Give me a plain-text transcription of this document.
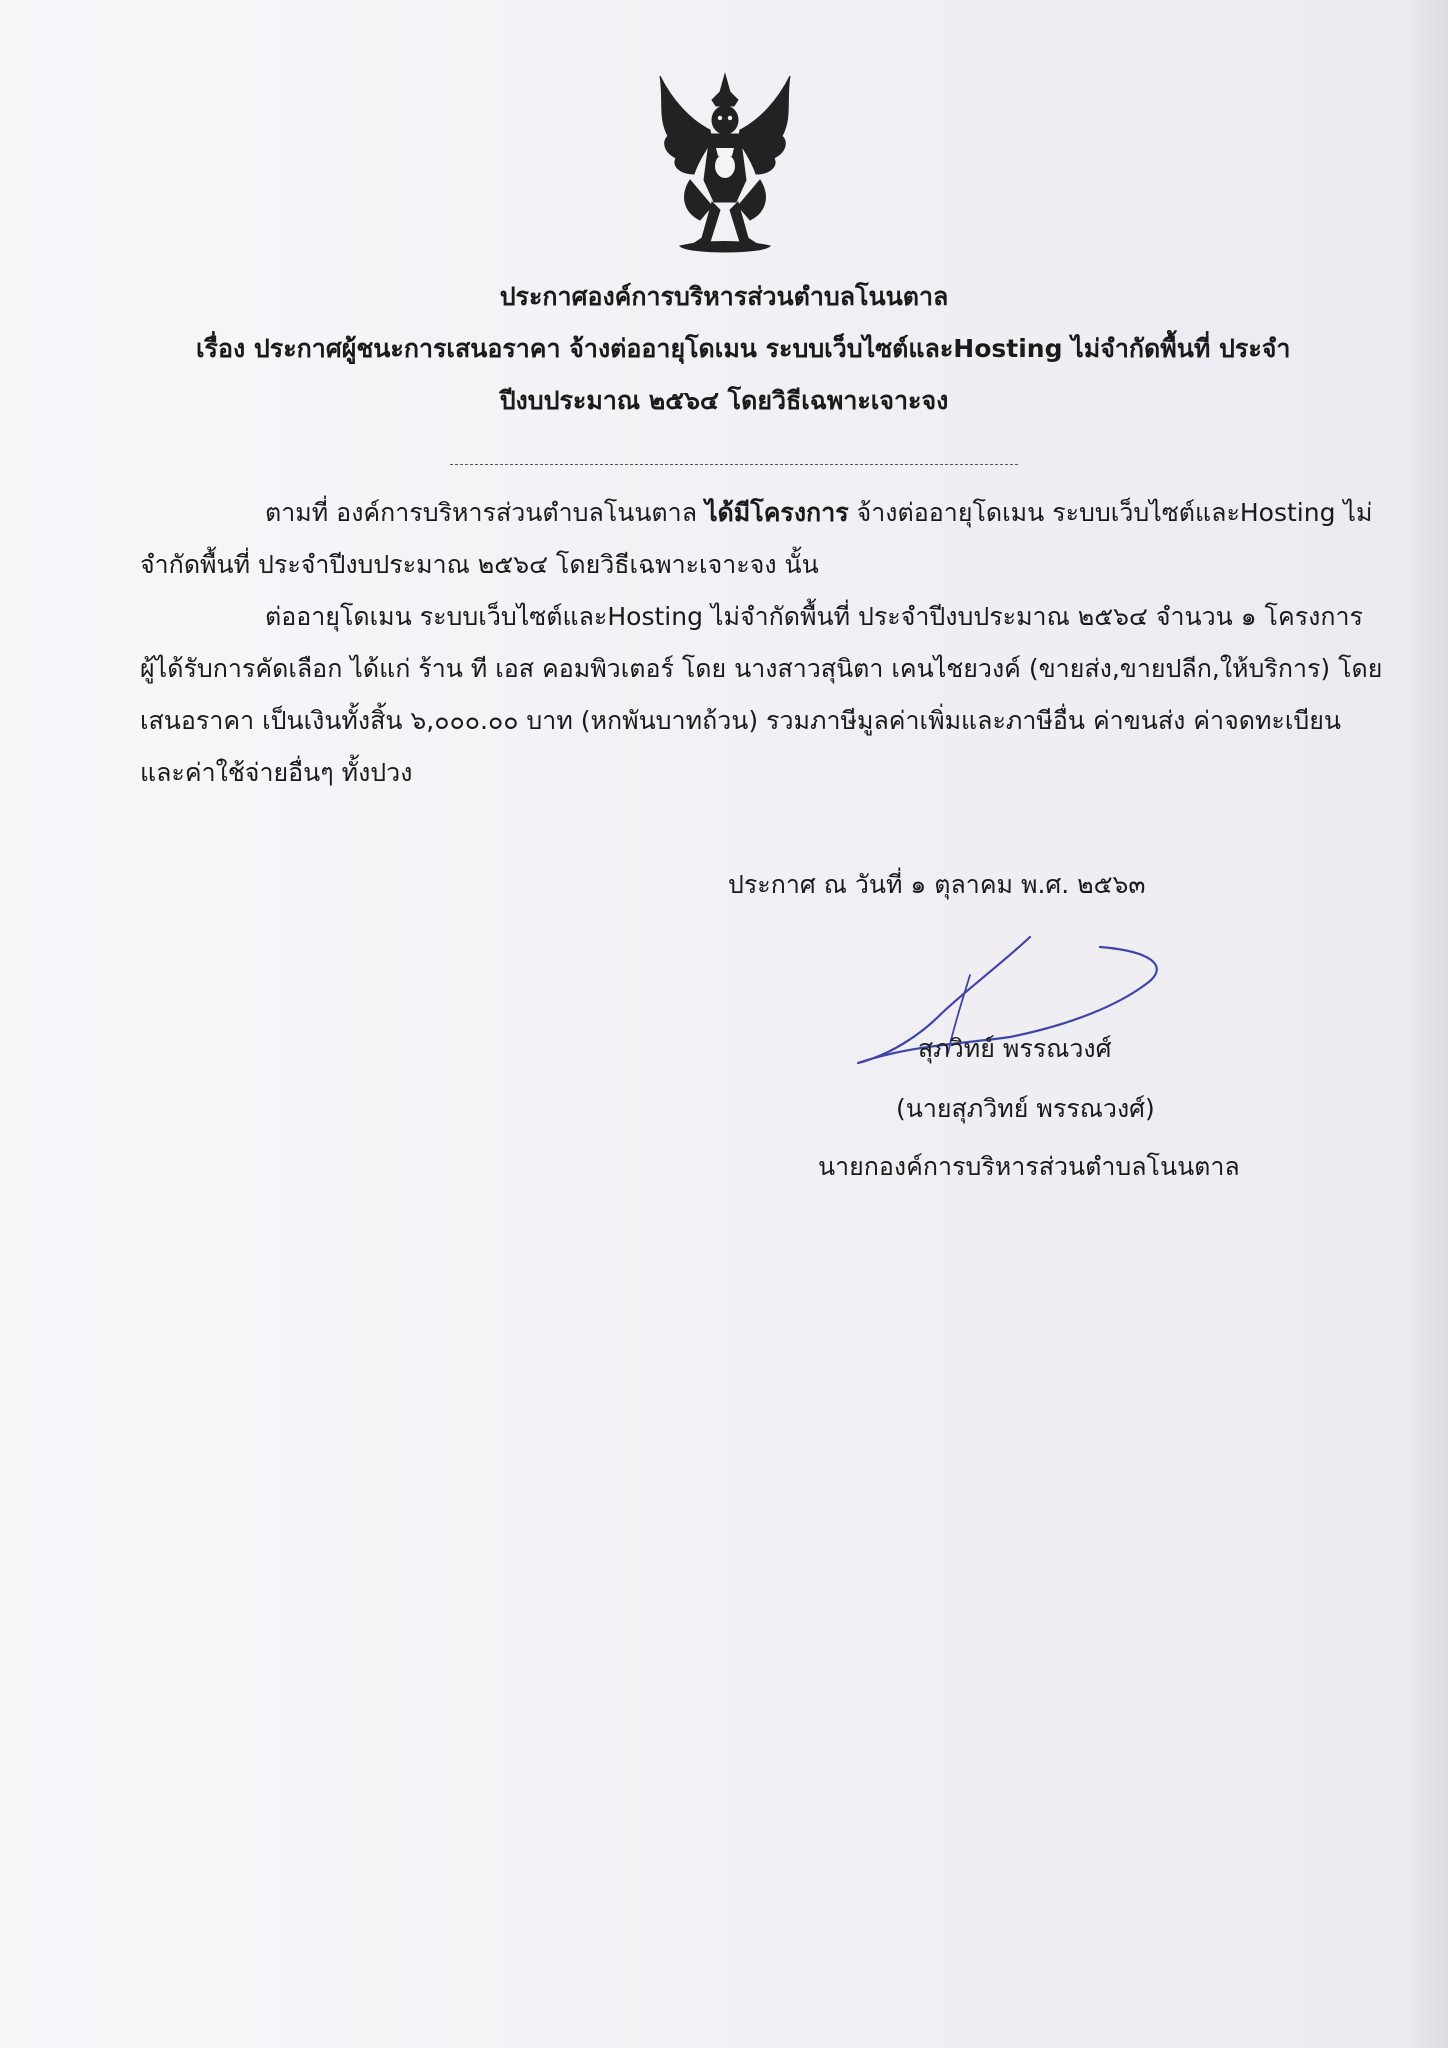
ประกาศองค์การบริหารส่วนตำบลโนนตาล
เรื่อง ประกาศผู้ชนะการเสนอราคา จ้างต่ออายุโดเมน ระบบเว็บไซต์และHosting ไม่จำกัดพื้นที่ ประจำ
ปีงบประมาณ ๒๕๖๔ โดยวิธีเฉพาะเจาะจง
ตามที่ องค์การบริหารส่วนตำบลโนนตาล ได้มีโครงการ จ้างต่ออายุโดเมน ระบบเว็บไซต์และHosting ไม่
จำกัดพื้นที่ ประจำปีงบประมาณ ๒๕๖๔ โดยวิธีเฉพาะเจาะจง นั้น
ต่ออายุโดเมน ระบบเว็บไซต์และHosting ไม่จำกัดพื้นที่ ประจำปีงบประมาณ ๒๕๖๔ จำนวน ๑ โครงการ
ผู้ได้รับการคัดเลือก ได้แก่ ร้าน ที เอส คอมพิวเตอร์ โดย นางสาวสุนิตา เคนไชยวงค์ (ขายส่ง,ขายปลีก,ให้บริการ) โดย
เสนอราคา เป็นเงินทั้งสิ้น ๖,๐๐๐.๐๐ บาท (หกพันบาทถ้วน) รวมภาษีมูลค่าเพิ่มและภาษีอื่น ค่าขนส่ง ค่าจดทะเบียน
และค่าใช้จ่ายอื่นๆ ทั้งปวง
ประกาศ ณ วันที่ ๑ ตุลาคม พ.ศ. ๒๕๖๓
สุภวิทย์ พรรณวงศ์
(นายสุภวิทย์ พรรณวงศ์)
นายกองค์การบริหารส่วนตำบลโนนตาล
